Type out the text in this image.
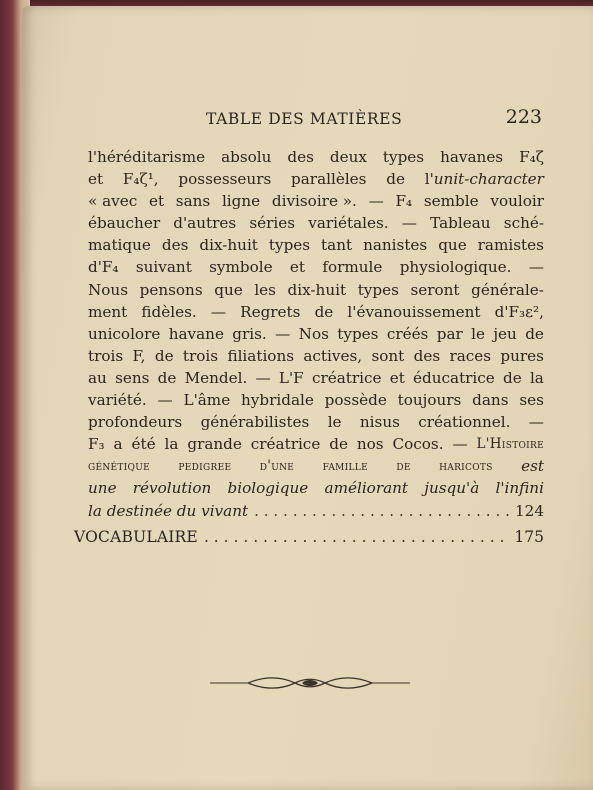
TABLE DES MATIÈRES	223
l'héréditarisme absolu des deux types havanes F₄ζ
et F₄ζ¹, possesseurs parallèles de l'unit-character
« avec et sans ligne divisoire ». — F₄ semble vouloir
ébaucher d'autres séries variétales. — Tableau sché-
matique des dix-huit types tant nanistes que ramistes
d'F₄ suivant symbole et formule physiologique. —
Nous pensons que les dix-huit types seront générale-
ment fidèles. — Regrets de l'évanouissement d'F₃ε²,
unicolore havane gris. — Nos types créés par le jeu de
trois F, de trois filiations actives, sont des races pures
au sens de Mendel. — L'F créatrice et éducatrice de la
variété. — L'âme hybridale possède toujours dans ses
profondeurs générabilistes le nisus créationnel. —
F₃ a été la grande créatrice de nos Cocos. — L'Histoire
génétique pedigree d'une famille de haricots est
une révolution biologique améliorant jusqu'à l'infini
la destinée du vivant . . .	124
VOCABULAIRE . . .	175
